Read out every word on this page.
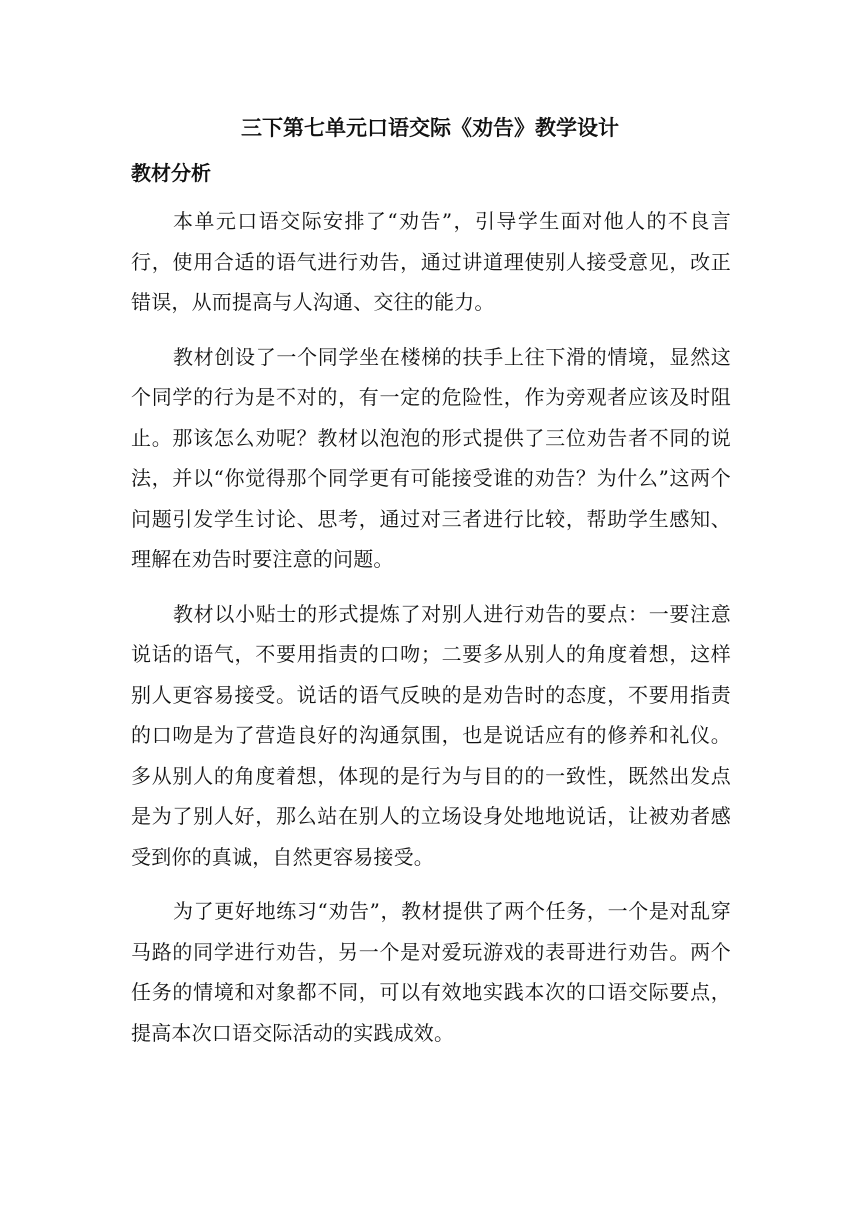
三下第七单元口语交际《劝告》教学设计
教材分析

本单元口语交际安排了“劝告”，引导学生面对他人的不良言行，使用合适的语气进行劝告，通过讲道理使别人接受意见，改正错误，从而提高与人沟通、交往的能力。

教材创设了一个同学坐在楼梯的扶手上往下滑的情境，显然这个同学的行为是不对的，有一定的危险性，作为旁观者应该及时阻止。那该怎么劝呢？教材以泡泡的形式提供了三位劝告者不同的说法，并以“你觉得那个同学更有可能接受谁的劝告？为什么”这两个问题引发学生讨论、思考，通过对三者进行比较，帮助学生感知、理解在劝告时要注意的问题。

教材以小贴士的形式提炼了对别人进行劝告的要点：一要注意说话的语气，不要用指责的口吻；二要多从别人的角度着想，这样别人更容易接受。说话的语气反映的是劝告时的态度，不要用指责的口吻是为了营造良好的沟通氛围，也是说话应有的修养和礼仪。多从别人的角度着想，体现的是行为与目的的一致性，既然出发点是为了别人好，那么站在别人的立场设身处地地说话，让被劝者感受到你的真诚，自然更容易接受。

为了更好地练习“劝告”，教材提供了两个任务，一个是对乱穿马路的同学进行劝告，另一个是对爱玩游戏的表哥进行劝告。两个任务的情境和对象都不同，可以有效地实践本次的口语交际要点，提高本次口语交际活动的实践成效。
